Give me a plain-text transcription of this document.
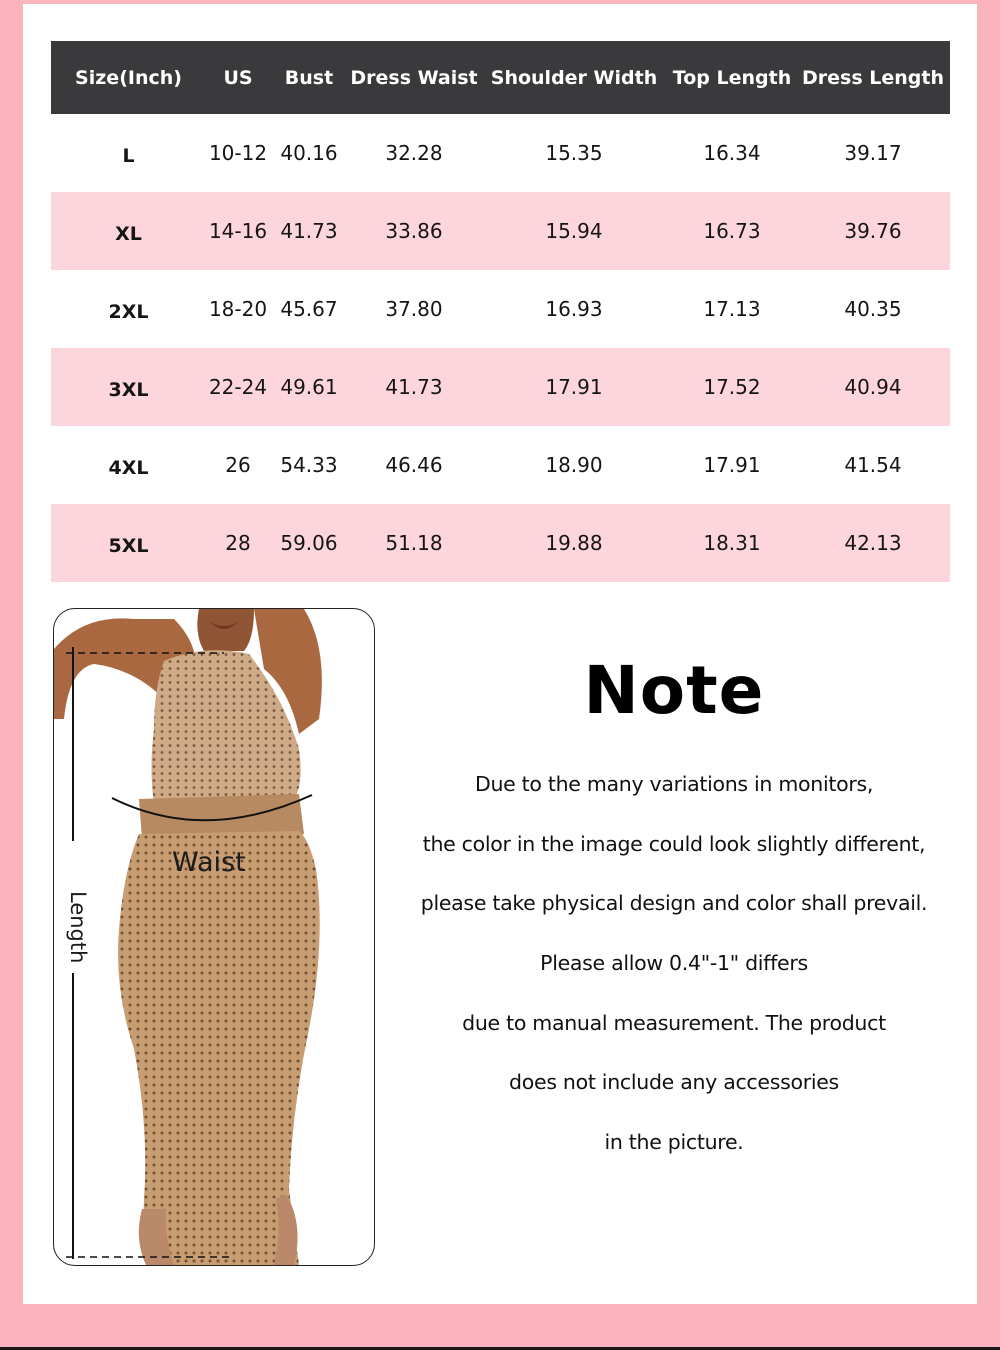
Size(Inch)	US	Bust	Dress Waist	Shoulder Width	Top Length	Dress Length
L	10-12	40.16	32.28	15.35	16.34	39.17
XL	14-16	41.73	33.86	15.94	16.73	39.76
2XL	18-20	45.67	37.80	16.93	17.13	40.35
3XL	22-24	49.61	41.73	17.91	17.52	40.94
4XL	26	54.33	46.46	18.90	17.91	41.54
5XL	28	59.06	51.18	19.88	18.31	42.13
Waist
Length
Note
Due to the many variations in monitors,
the color in the image could look slightly different,
please take physical design and color shall prevail.
Please allow 0.4"-1" differs
due to manual measurement. The product
does not include any accessories
in the picture.
